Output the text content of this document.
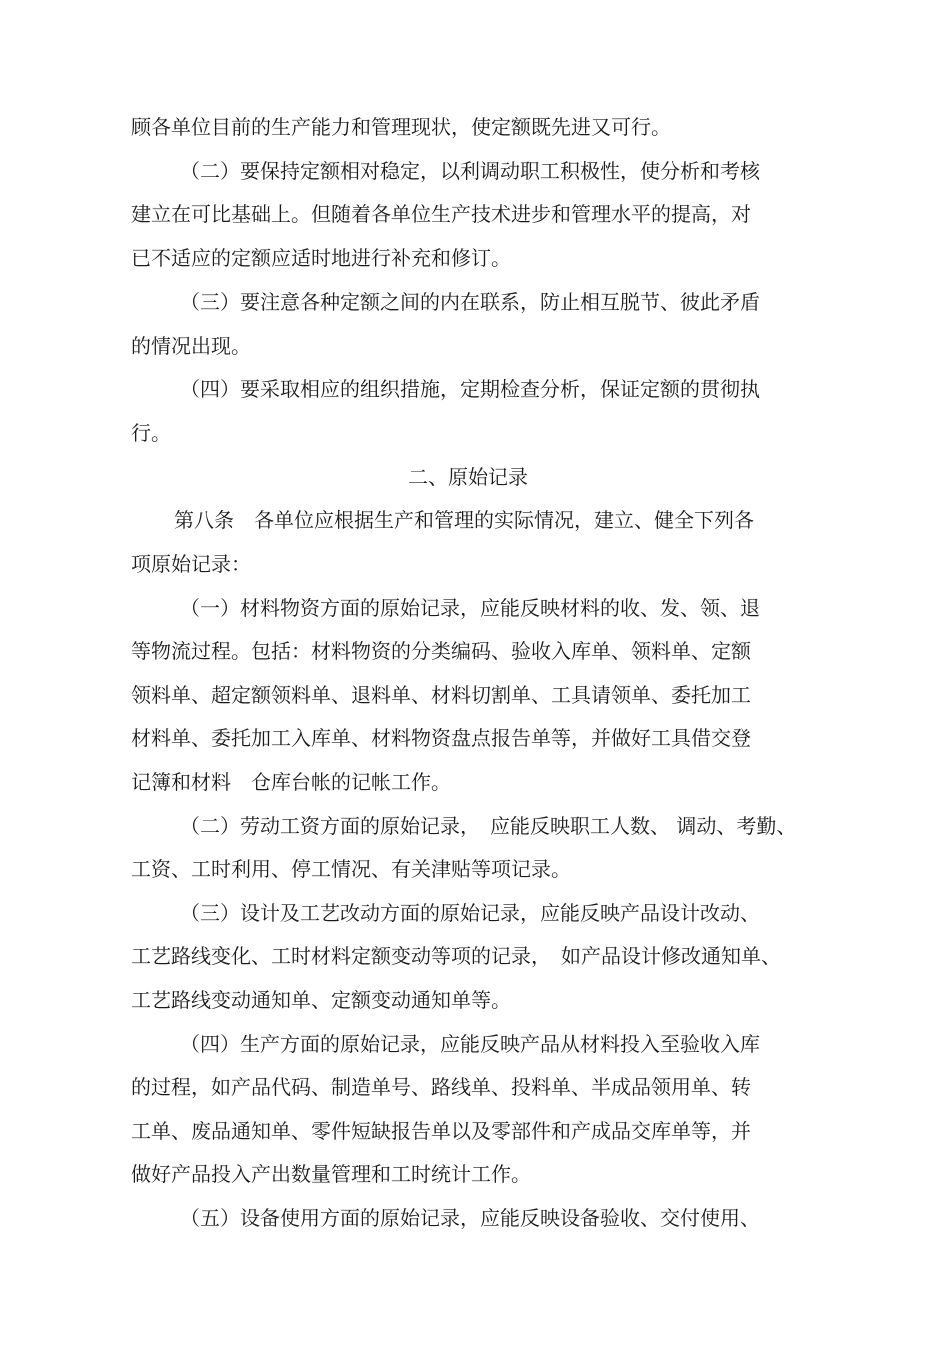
顾各单位目前的生产能力和管理现状，使定额既先进又可行。
（二）要保持定额相对稳定，以利调动职工积极性，使分析和考核
建立在可比基础上。但随着各单位生产技术进步和管理水平的提高，对
已不适应的定额应适时地进行补充和修订。
（三）要注意各种定额之间的内在联系，防止相互脱节、彼此矛盾
的情况出现。
（四）要采取相应的组织措施，定期检查分析，保证定额的贯彻执
行。
二、原始记录
第八条　各单位应根据生产和管理的实际情况，建立、健全下列各
项原始记录：
（一）材料物资方面的原始记录，应能反映材料的收、发、领、退
等物流过程。包括：材料物资的分类编码、验收入库单、领料单、定额
领料单、超定额领料单、退料单、材料切割单、工具请领单、委托加工
材料单、委托加工入库单、材料物资盘点报告单等，并做好工具借交登
记簿和材料　仓库台帐的记帐工作。
（二）劳动工资方面的原始记录，　应能反映职工人数、 调动、考勤、
工资、工时利用、停工情况、有关津贴等项记录。
（三）设计及工艺改动方面的原始记录，应能反映产品设计改动、
工艺路线变化、工时材料定额变动等项的记录，　如产品设计修改通知单、
工艺路线变动通知单、定额变动通知单等。
（四）生产方面的原始记录，应能反映产品从材料投入至验收入库
的过程，如产品代码、制造单号、路线单、投料单、半成品领用单、转
工单、废品通知单、零件短缺报告单以及零部件和产成品交库单等，并
做好产品投入产出数量管理和工时统计工作。
（五）设备使用方面的原始记录，应能反映设备验收、交付使用、
